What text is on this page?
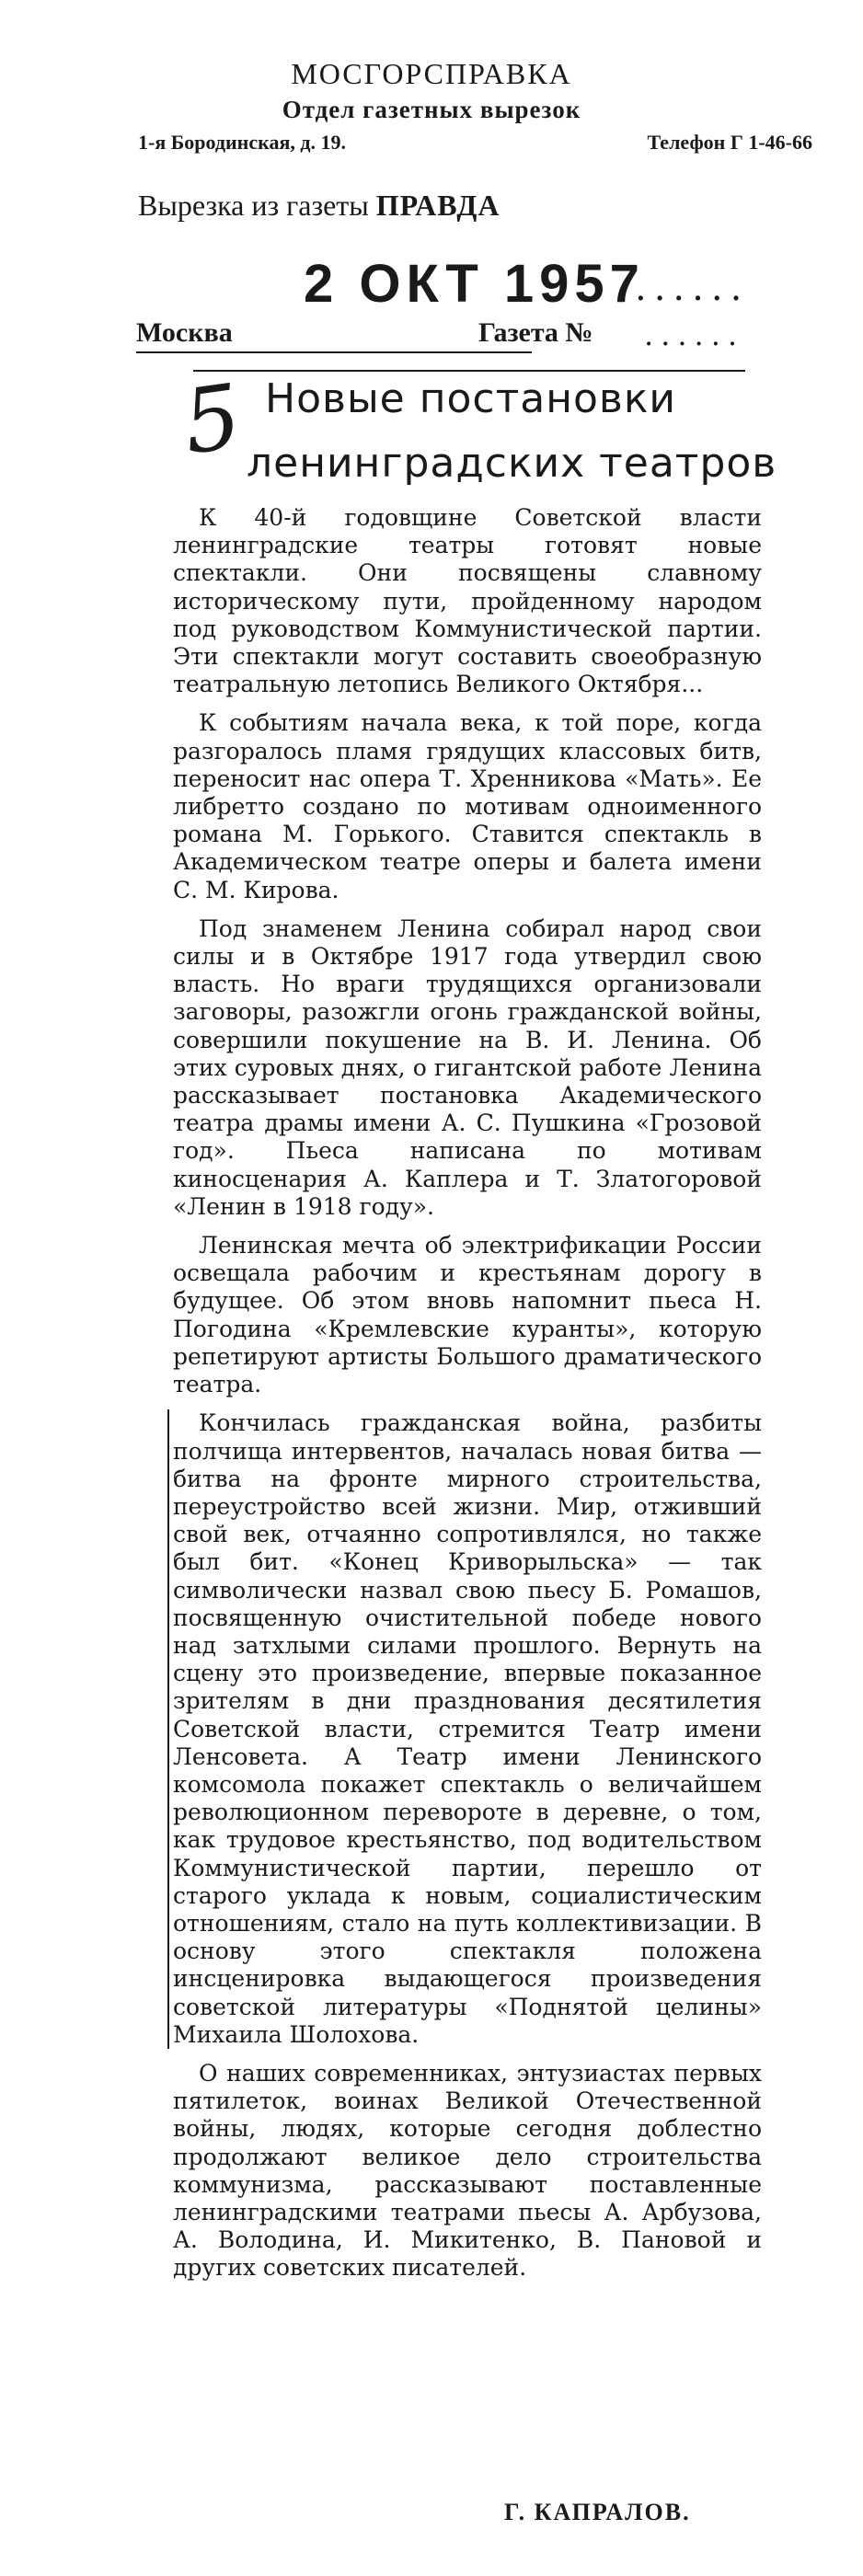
МОСГОРСПРАВКА
Отдел газетных вырезок
1-я Бородинская, д. 19.	Телефон Г 1-46-66
Вырезка из газеты ПРАВДА
2 ОКТ 1957
......
Москва	Газета № ......
5 Новые постановки
ленинградских театров

К 40-й годовщине Советской власти ленинградские театры готовят новые спектакли. Они посвящены славному историческому пути, пройденному народом под руководством Коммунистической партии. Эти спектакли могут составить своеобразную театральную летопись Великого Октября...

К событиям начала века, к той поре, когда разгоралось пламя грядущих классовых битв, переносит нас опера Т. Хренникова «Мать». Ее либретто создано по мотивам одноименного романа М. Горького. Ставится спектакль в Академическом театре оперы и балета имени С. М. Кирова.

Под знаменем Ленина собирал народ свои силы и в Октябре 1917 года утвердил свою власть. Но враги трудящихся организовали заговоры, разожгли огонь гражданской войны, совершили покушение на В. И. Ленина. Об этих суровых днях, о гигантской работе Ленина рассказывает постановка Академического театра драмы имени А. С. Пушкина «Грозовой год». Пьеса написана по мотивам киносценария А. Каплера и Т. Златогоровой «Ленин в 1918 году».

Ленинская мечта об электрификации России освещала рабочим и крестьянам дорогу в будущее. Об этом вновь напомнит пьеса Н. Погодина «Кремлевские куранты», которую репетируют артисты Большого драматического театра.

Кончилась гражданская война, разбиты полчища интервентов, началась новая битва — битва на фронте мирного строительства, переустройство всей жизни. Мир, отживший свой век, отчаянно сопротивлялся, но также был бит. «Конец Криворыльска» — так символически назвал свою пьесу Б. Ромашов, посвященную очистительной победе нового над затхлыми силами прошлого. Вернуть на сцену это произведение, впервые показанное зрителям в дни празднования десятилетия Советской власти, стремится Театр имени Ленсовета. А Театр имени Ленинского комсомола покажет спектакль о величайшем революционном перевороте в деревне, о том, как трудовое крестьянство, под водительством Коммунистической партии, перешло от старого уклада к новым, социалистическим отношениям, стало на путь коллективизации. В основу этого спектакля положена инсценировка выдающегося произведения советской литературы «Поднятой целины» Михаила Шолохова.

О наших современниках, энтузиастах первых пятилеток, воинах Великой Отечественной войны, людях, которые сегодня доблестно продолжают великое дело строительства коммунизма, рассказывают поставленные ленинградскими театрами пьесы А. Арбузова, А. Володина, И. Микитенко, В. Пановой и других советских писателей.

Г. КАПРАЛОВ.
